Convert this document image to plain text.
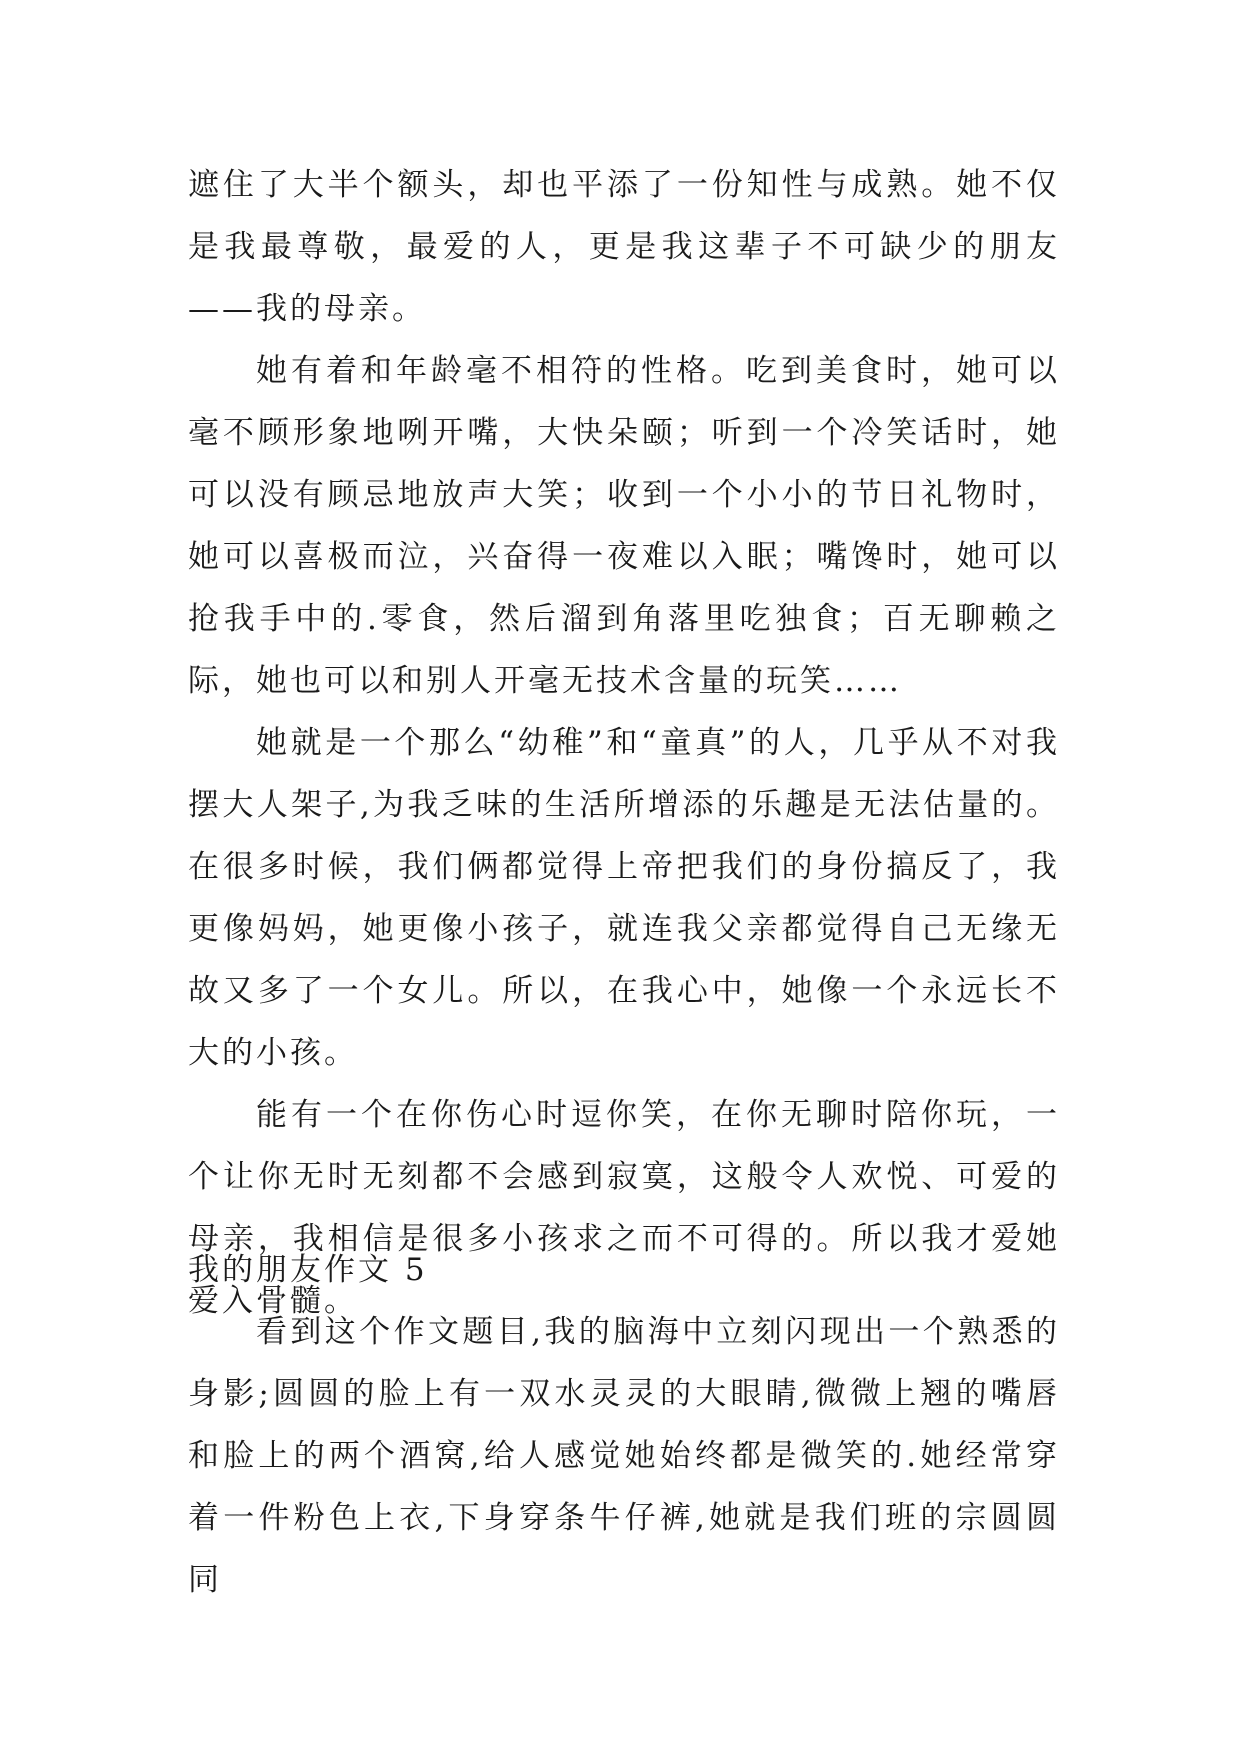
遮住了大半个额头，却也平添了一份知性与成熟。她不仅是我最尊敬，最爱的人，更是我这辈子不可缺少的朋友——我的母亲。

她有着和年龄毫不相符的性格。吃到美食时，她可以毫不顾形象地咧开嘴，大快朵颐；听到一个冷笑话时，她可以没有顾忌地放声大笑；收到一个小小的节日礼物时，她可以喜极而泣，兴奋得一夜难以入眠；嘴馋时，她可以抢我手中的.零食，然后溜到角落里吃独食；百无聊赖之际，她也可以和别人开毫无技术含量的玩笑……

她就是一个那么“幼稚”和“童真”的人，几乎从不对我摆大人架子,为我乏味的生活所增添的乐趣是无法估量的。在很多时候，我们俩都觉得上帝把我们的身份搞反了，我更像妈妈，她更像小孩子，就连我父亲都觉得自己无缘无故又多了一个女儿。所以，在我心中，她像一个永远长不大的小孩。

能有一个在你伤心时逗你笑，在你无聊时陪你玩，一个让你无时无刻都不会感到寂寞，这般令人欢悦、可爱的母亲，我相信是很多小孩求之而不可得的。所以我才爱她爱入骨髓。

我的朋友作文 5

看到这个作文题目,我的脑海中立刻闪现出一个熟悉的身影;圆圆的脸上有一双水灵灵的大眼睛,微微上翘的嘴唇和脸上的两个酒窝,给人感觉她始终都是微笑的.她经常穿着一件粉色上衣,下身穿条牛仔裤,她就是我们班的宗圆圆同
